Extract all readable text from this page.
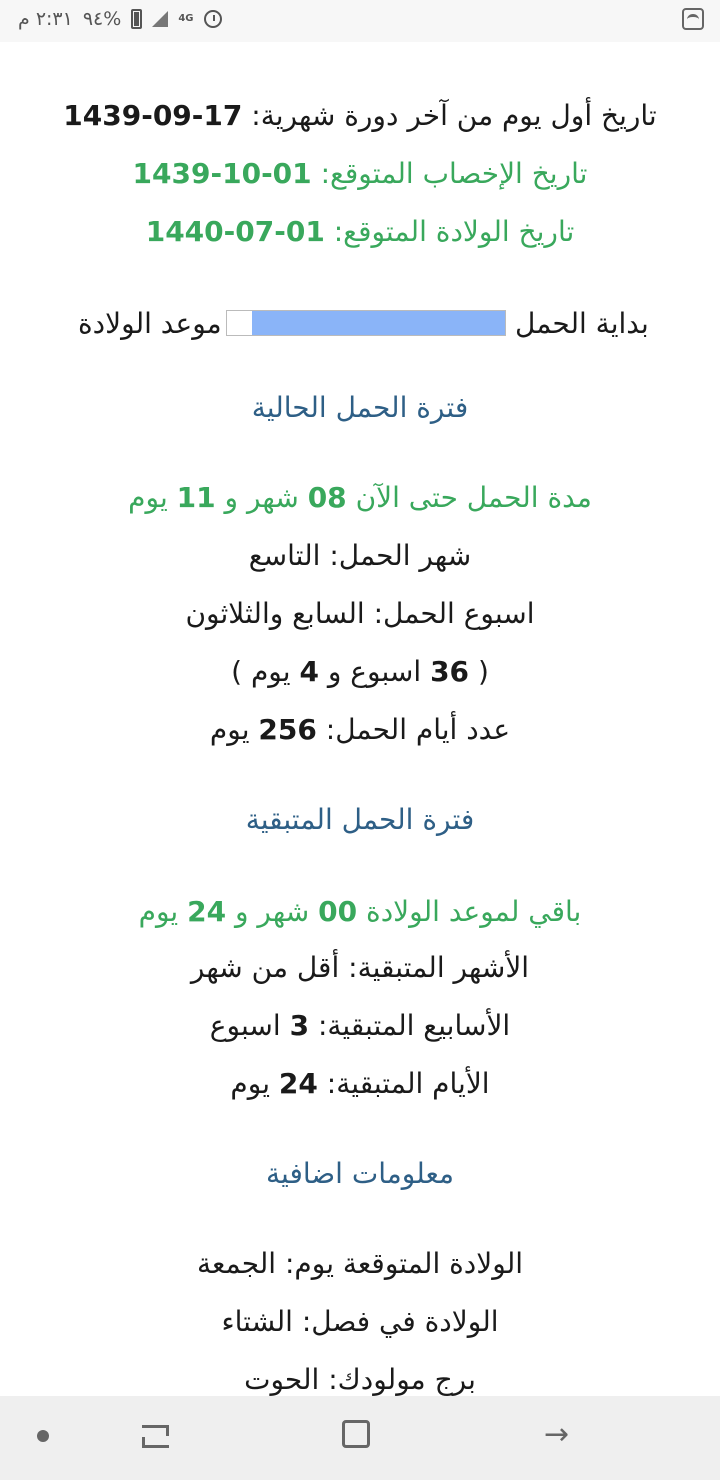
٢:٣١ م ٩٤%	4G
تاريخ أول يوم من آخر دورة شهرية: 1439-09-17
تاريخ الإخصاب المتوقع: 1439-10-01
تاريخ الولادة المتوقع: 1440-07-01
موعد الولادة	بداية الحمل
فترة الحمل الحالية
مدة الحمل حتى الآن 08 شهر و 11 يوم
شهر الحمل: التاسع
اسبوع الحمل: السابع والثلاثون
( 36 اسبوع و 4 يوم )
عدد أيام الحمل: 256 يوم
فترة الحمل المتبقية
باقي لموعد الولادة 00 شهر و 24 يوم
الأشهر المتبقية: أقل من شهر
الأسابيع المتبقية: 3 اسبوع
الأيام المتبقية: 24 يوم
معلومات اضافية
الولادة المتوقعة يوم: الجمعة
الولادة في فصل: الشتاء
برج مولودك: الحوت
→
